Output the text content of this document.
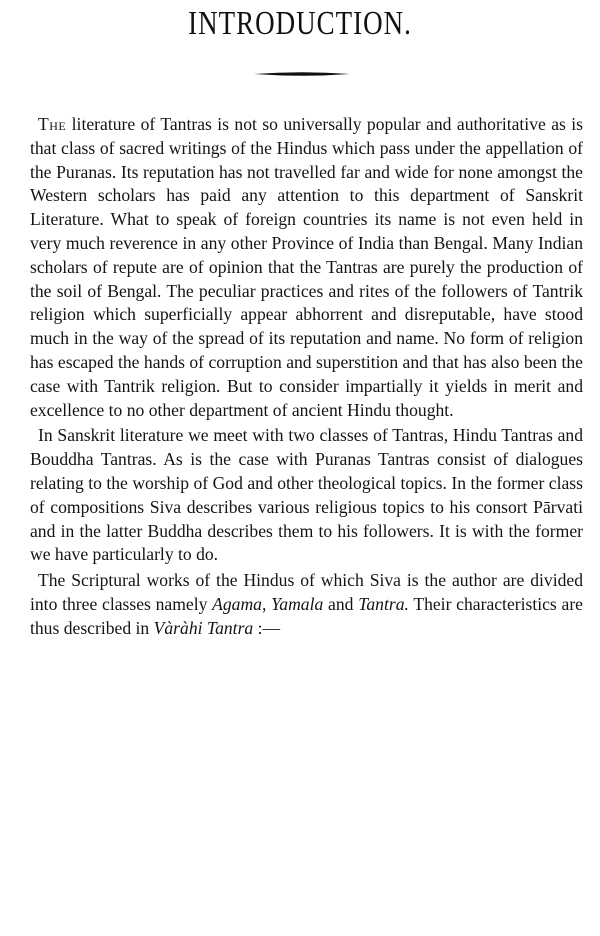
INTRODUCTION.

The literature of Tantras is not so universally popular and authoritative as is that class of sacred writings of the Hindus which pass under the appellation of the Puranas. Its reputation has not travelled far and wide for none amongst the Western scholars has paid any attention to this department of Sanskrit Literature. What to speak of foreign countries its name is not even held in very much reverence in any other Province of India than Bengal. Many Indian scholars of repute are of opinion that the Tantras are purely the production of the soil of Bengal. The peculiar practices and rites of the followers of Tantrik religion which superficially appear abhorrent and disreputable, have stood much in the way of the spread of its reputation and name. No form of religion has escaped the hands of corruption and superstition and that has also been the case with Tantrik religion. But to consider impartially it yields in merit and excellence to no other department of ancient Hindu thought.

In Sanskrit literature we meet with two classes of Tantras, Hindu Tantras and Bouddha Tantras. As is the case with Puranas Tantras consist of dialogues relating to the worship of God and other theological topics. In the former class of compositions Siva describes various religious topics to his consort Pārvati and in the latter Buddha describes them to his followers. It is with the former we have particularly to do.

The Scriptural works of the Hindus of which Siva is the author are divided into three classes namely Agama, Yamala and Tantra. Their characteristics are thus described in Vàràhi Tantra :—
